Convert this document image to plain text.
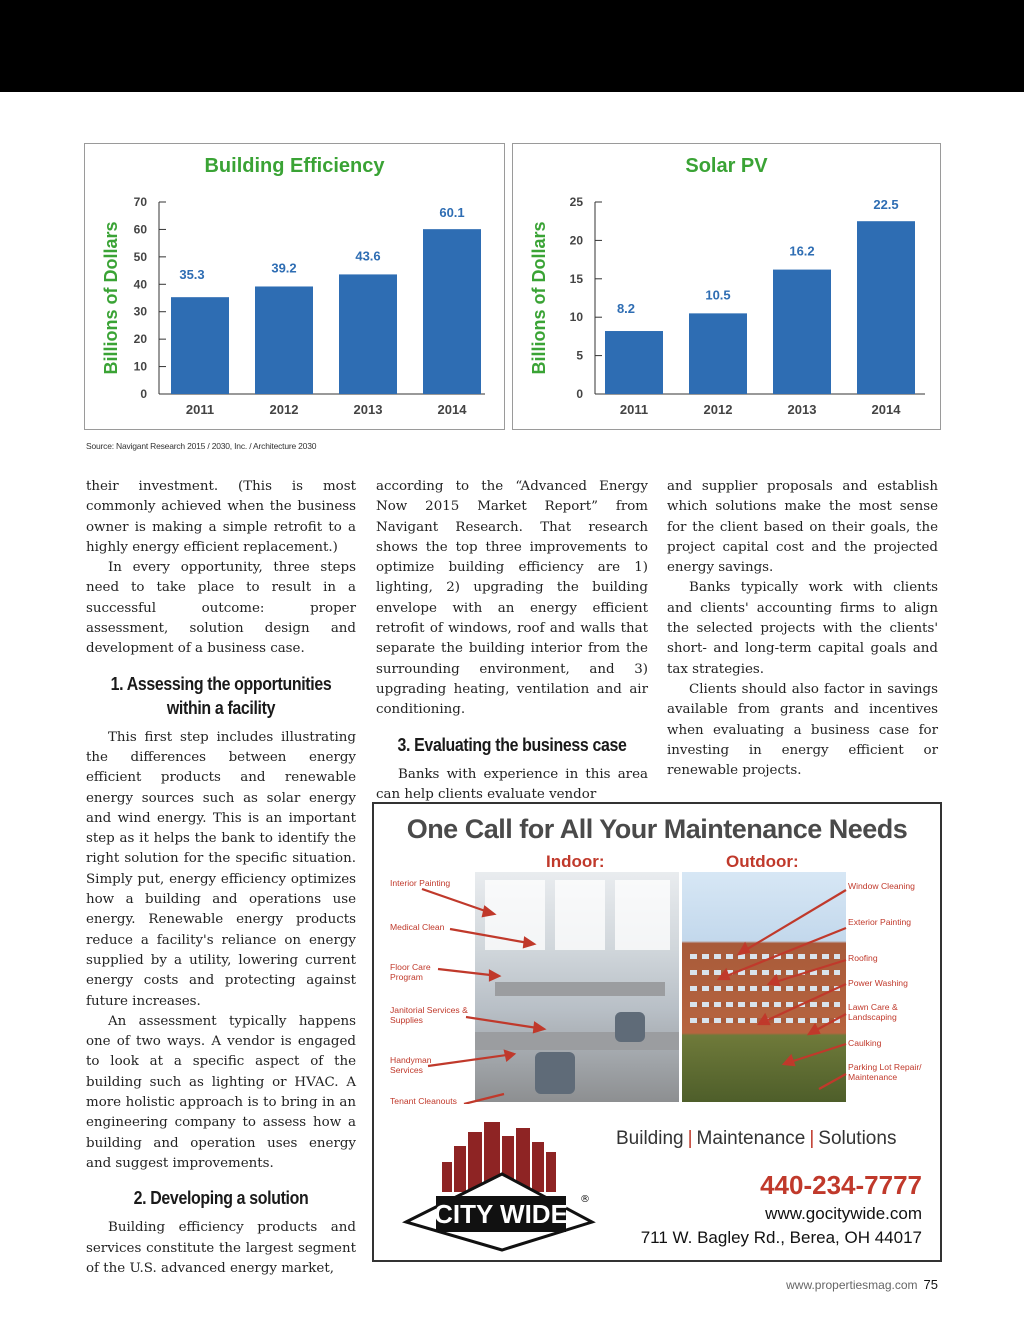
Building Efficiency
Billions of Dollars
0
10
20
30
40
50
60
70
35.3
2011
39.2
2012
43.6
2013
60.1
2014
Solar PV
Billions of Dollars
0
5
10
15
20
25
8.2
2011
10.5
2012
16.2
2013
22.5
2014
Source: Navigant Research 2015 / 2030, Inc. / Architecture 2030

their investment. (This is most commonly achieved when the business owner is making a simple retrofit to a highly energy efficient replacement.)

In every opportunity, three steps need to take place to result in a successful outcome: proper assessment, solution design and development of a business case.

1. Assessing the opportunities within a facility

This first step includes illustrating the differences between energy efficient products and renewable energy sources such as solar energy and wind energy. This is an important step as it helps the bank to identify the right solution for the specific situation. Simply put, energy efficiency optimizes how a building and operations use energy. Renewable energy products reduce a facility's reliance on energy supplied by a utility, lowering current energy costs and protecting against future increases.

An assessment typically happens one of two ways. A vendor is engaged to look at a specific aspect of the building such as lighting or HVAC. A more holistic approach is to bring in an engineering company to assess how a building and operation uses energy and suggest improvements.

2. Developing a solution

Building efficiency products and services constitute the largest segment of the U.S. advanced energy market,

according to the “Advanced Energy Now 2015 Market Report” from Navigant Research. That research shows the top three improvements to optimize building efficiency are 1) lighting, 2) upgrading the building envelope with an energy efficient retrofit of windows, roof and walls that separate the building interior from the surrounding environment, and 3) upgrading heating, ventilation and air conditioning.

3. Evaluating the business case

Banks with experience in this area can help clients evaluate vendor

and supplier proposals and establish which solutions make the most sense for the client based on their goals, the project capital cost and the projected energy savings.

Banks typically work with clients and clients' accounting firms to align the selected projects with the clients' short- and long-term capital goals and tax strategies.

Clients should also factor in savings available from grants and incentives when evaluating a business case for investing in energy efficient or renewable projects.

One Call for All Your Maintenance Needs
Indoor:	Outdoor:
Interior Painting
Medical Clean
Floor Care Program
Janitorial Services & Supplies
Handyman Services
Tenant Cleanouts
Window Cleaning
Exterior Painting
Roofing
Power Washing
Lawn Care & Landscaping
Caulking
Parking Lot Repair/ Maintenance
CITY WIDE ®
Building | Maintenance | Solutions
440-234-7777
www.gocitywide.com
711 W. Bagley Rd., Berea, OH 44017
www.propertiesmag.com 75
